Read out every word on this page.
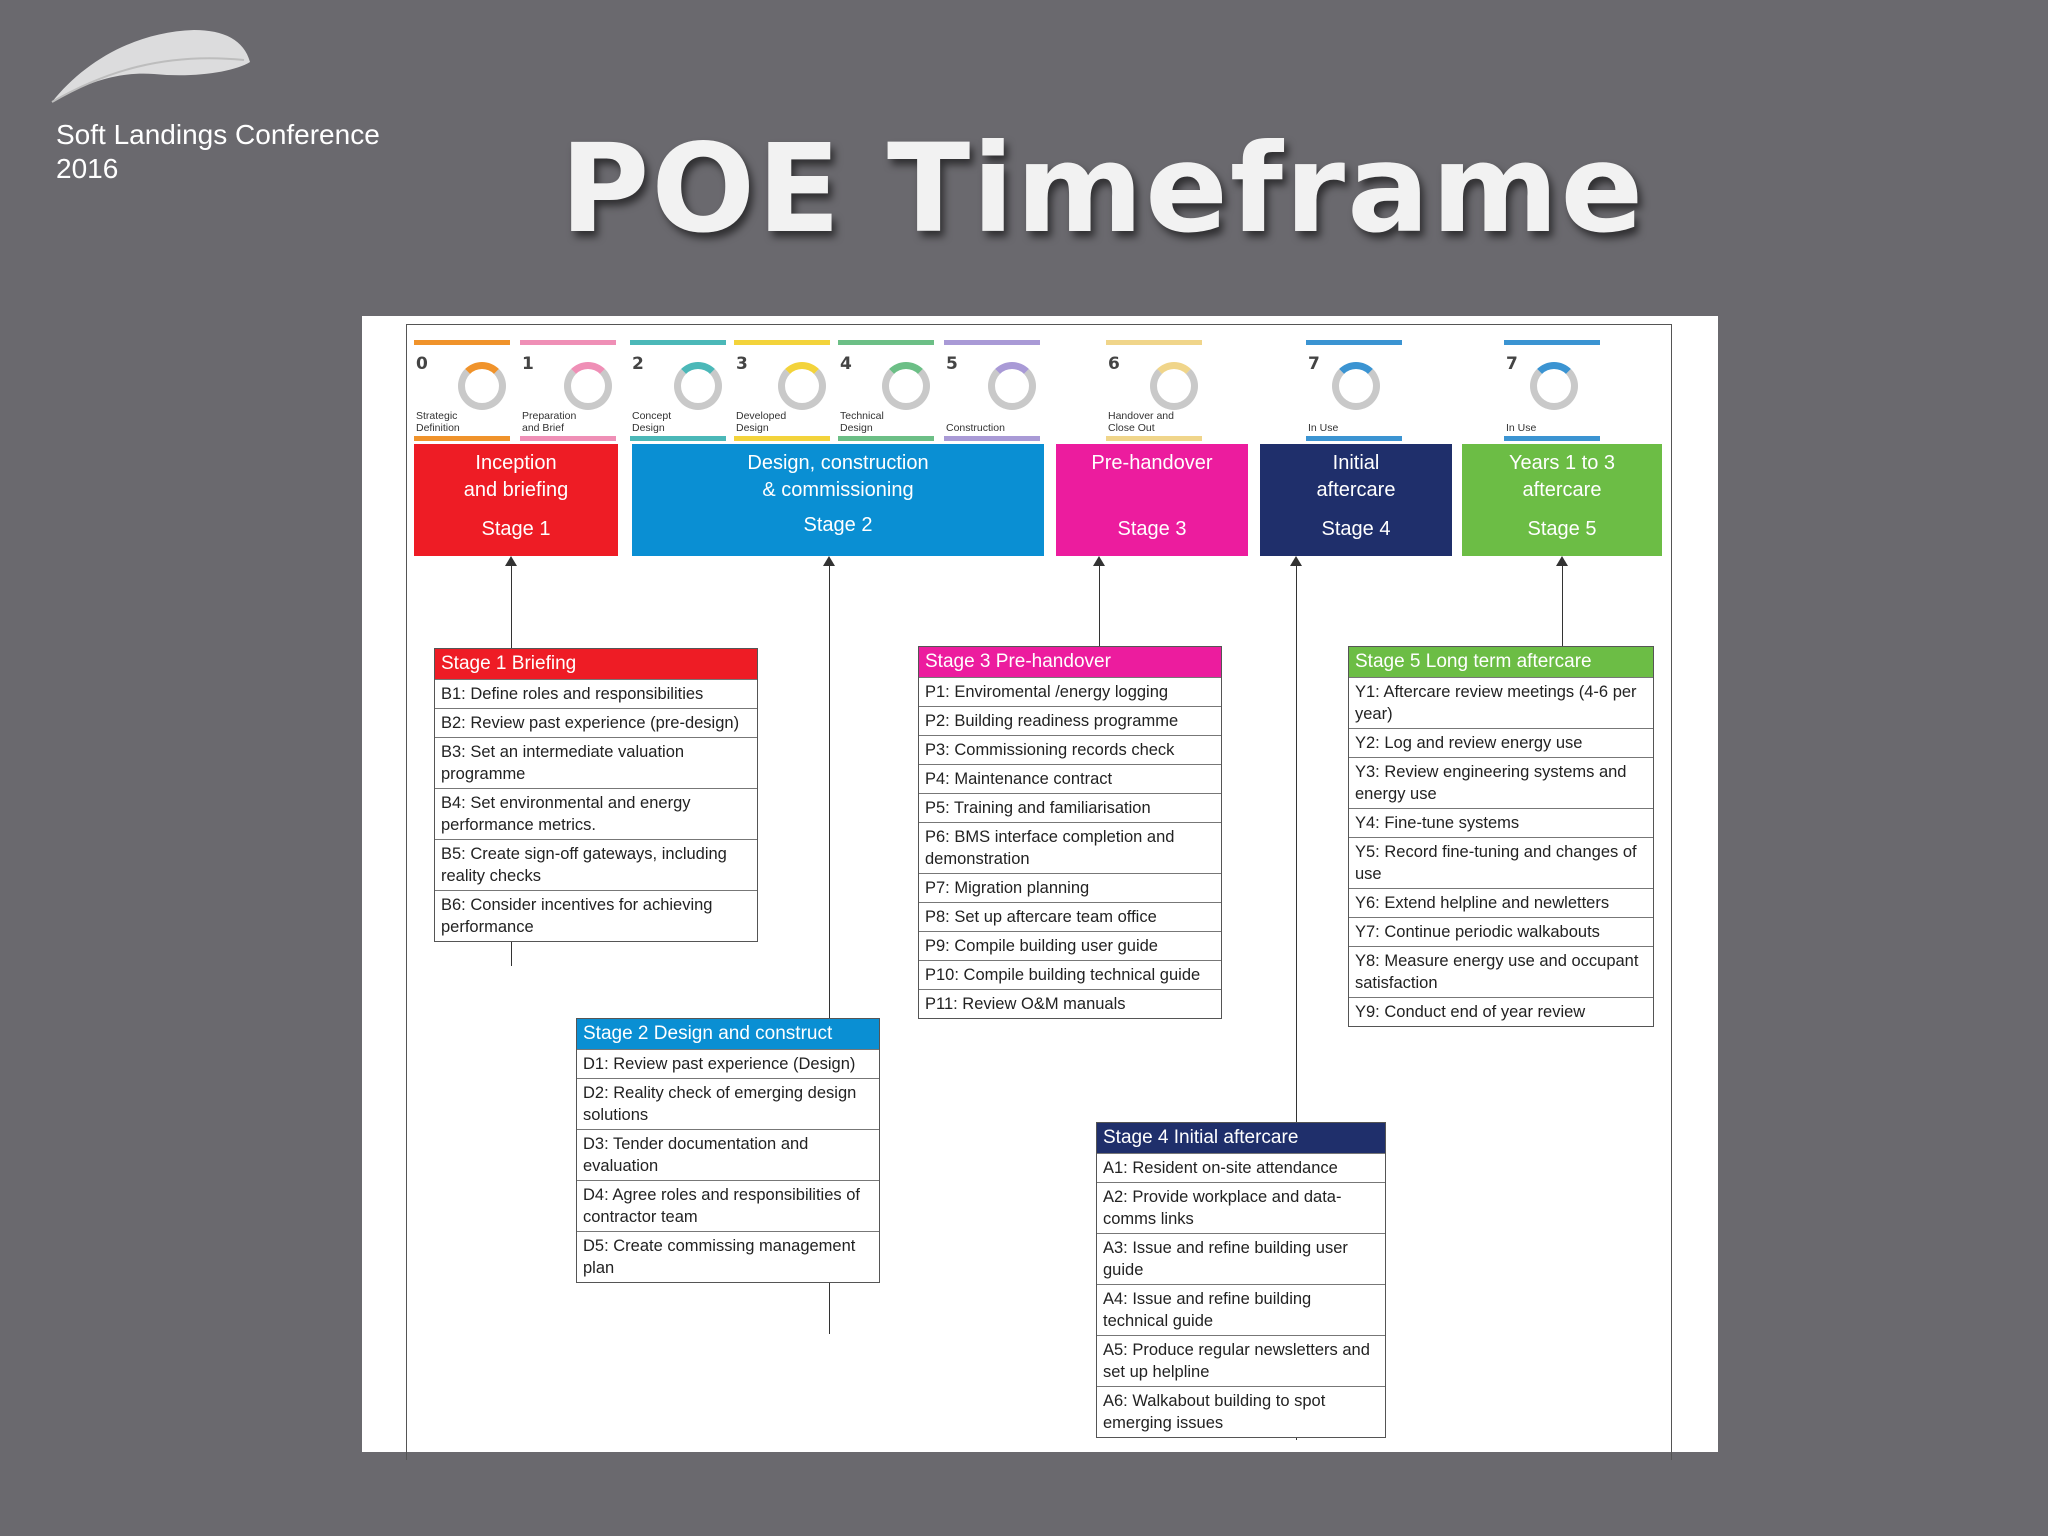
Soft Landings Conference 2016	POE Timeframe
0
Strategic Definition
1
Preparation and Brief
2
Concept Design
3
Developed Design
4
Technical Design
5
Construction
6
Handover and Close Out
7
In Use
7
In Use
Inception
and briefing
Stage 1
Design, construction
& commissioning
Stage 2
Pre-handover

Stage 3
Initial
aftercare
Stage 4
Years 1 to 3
aftercare
Stage 5
Stage 1 Briefing
B1: Define roles and responsibilities
B2: Review past experience (pre-design)
B3: Set an intermediate valuation programme
B4: Set environmental and energy performance metrics.
B5: Create sign-off gateways, including reality checks
B6: Consider incentives for achieving performance
Stage 2 Design and construct
D1: Review past experience (Design)
D2: Reality check of emerging design solutions
D3: Tender documentation and evaluation
D4: Agree roles and responsibilities of contractor team
D5: Create commissing management plan
Stage 3 Pre-handover
P1: Enviromental /energy logging
P2: Building readiness programme
P3: Commissioning records check
P4: Maintenance contract
P5: Training and familiarisation
P6: BMS interface completion and demonstration
P7: Migration planning
P8: Set up aftercare team office
P9: Compile building user guide
P10: Compile building technical guide
P11: Review O&M manuals
Stage 4 Initial aftercare
A1: Resident on-site attendance
A2: Provide workplace and data-comms links
A3: Issue and refine building user guide
A4: Issue and refine building technical guide
A5: Produce regular newsletters and set up helpline
A6: Walkabout building to spot emerging issues
Stage 5 Long term aftercare
Y1: Aftercare review meetings (4-6 per year)
Y2: Log and review energy use
Y3: Review engineering systems and energy use
Y4: Fine-tune systems
Y5: Record fine-tuning and changes of use
Y6: Extend helpline and newletters
Y7: Continue periodic walkabouts
Y8: Measure energy use and occupant satisfaction
Y9: Conduct end of year review
